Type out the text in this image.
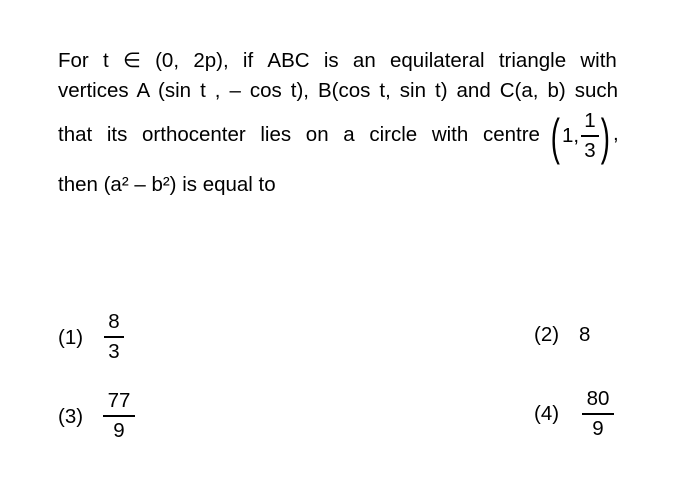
For t ∈ (0, 2p), if ABC is an equilateral triangle with
vertices A (sin t , – cos t), B(cos t, sin t) and C(a, b) such
that its orthocenter lies on a circle with centre ( 1,
1
3 ) ,
then (a² – b²) is equal to
(1)
8
3
(2) 8
(3)
77
9
(4)
80
9
